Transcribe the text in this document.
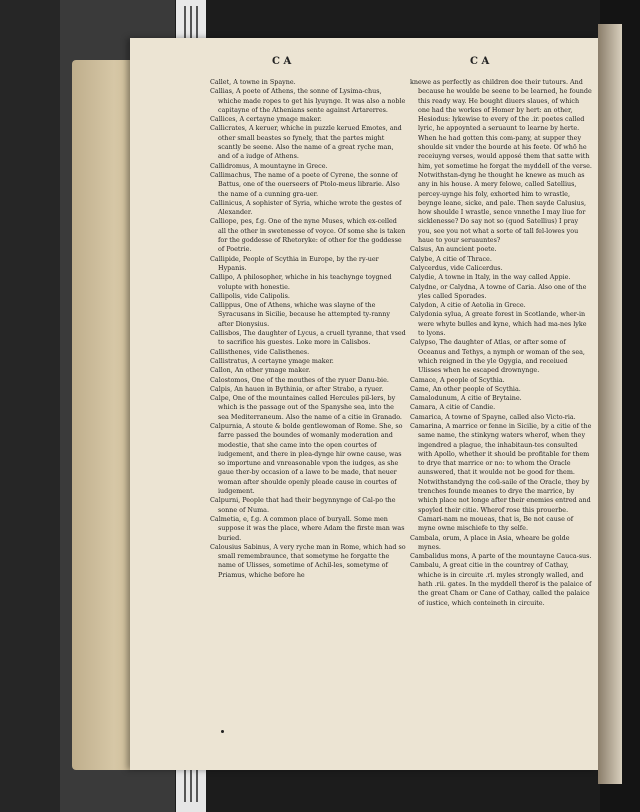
C A	C A

Callet, A towne in Spayne.

Callias, A poete of Athens, the sonne of Lysima-chus, whiche made ropes to get his lyuynge. It was also a noble capitayne of the Athenians sente against Artarerres.

Callices, A certayne ymage maker.

Callicrates, A keruer, whiche in puzzle kerued Emotes, and other small beastes so fynely, that the partes might scantly be seene. Also the name of a great ryche man, and of a iudge of Athens.

Callidromus, A mountayne in Grece.

Callimachus, The name of a poete of Cyrene, the sonne of Battus, one of the ouerseers of Ptolo-meus librarie. Also the name of a cunning gra-uer.

Callinicus, A sophister of Syria, whiche wrote the gestes of Alexander.

Calliope, pes, f.g. One of the nyne Muses, which ex-celled all the other in swetenesse of voyce. Of some she is taken for the goddesse of Rhetoryke: of other for the goddesse of Poetrie.

Callipide, People of Scythia in Europe, by the ry-uer Hypanis.

Callipo, A philosopher, whiche in his teachynge toygned volupte with honestie.

Callipolis, vide Calipolis.

Callippus, One of Athens, whiche was slayne of the Syracusans in Sicilie, because he attempted ty-ranny after Dionysius.

Callisbos, The daughter of Lycus, a cruell tyranne, that vsed to sacrifice his guestes. Loke more in Calisbos.

Callisthenes, vide Calisthenes.

Callistratus, A certayne ymage maker.

Callon, An other ymage maker.

Calostomos, One of the mouthes of the ryuer Danu-bie.

Calpis, An hauen in Bythinia, or after Strabo, a ryuer.

Calpe, One of the mountaines called Hercules pil-lers, by which is the passage out of the Spanyshe sea, into the sea Mediterraneum. Also the name of a citie in Granado.

Calpurnia, A stoute & bolde gentlewoman of Rome. She, so farre passed the boundes of womanly moderation and modestie, that she came into the open courtes of iudgement, and there in plea-dynge hir owne cause, was so importune and vnreasonable vpon the iudges, as she gaue ther-by occasion of a lawe to be made, that neuer woman after shoulde openly pleade cause in courtes of iudgement.

Calpurni, People that had their begynnynge of Cal-po the sonne of Numa.

Calmetia, e, f.g. A common place of buryall. Some men suppose it was the place, where Adam the firste man was buried.

Calousius Sabinus, A very ryche man in Rome, which had so small remembraunce, that sometyme he forgatte the name of Ulisses, sometime of Achil-les, sometyme of Priamus, whiche before he

knewe as perfectly as children doe their tutours. And because he woulde be seene to be learned, he founde this ready way. He bought diuers slaues, of which one had the workes of Homer by hert: an other, Hesiodus: lykewise to every of the .ir. poetes called lyric, he appoynted a seruaunt to learne by herte. When he had gotten this com-pany, at supper they shoulde sit vnder the bourde at his feete. Of whō he receiuyng verses, would apposé them that satte with him, yet sometime he forgat the myddell of the verse. Notwithstan-dyng he thought he knewe as much as any in his house. A mery felowe, called Satellius, percey-uynge his foly, exhorted him to wrastle, beynge leane, sicke, and pale. Then sayde Calusius, how shoulde I wrastle, sence vnnethe I may liue for sicklenesse? Do say not so (quod Satellius) I pray you, see you not what a sorte of tall fel-lowes you haue to your seruauntes?

Calsus, An auncient poete.

Calybe, A citie of Thrace.

Calycerdus, vide Calicerdus.

Calydie, A towne in Italy, in the way called Appie.

Calydne, or Calydna, A towne of Caria. Also one of the yles called Sporades.

Calydon, A citie of Aetolia in Grece.

Calydonia sylua, A greate forest in Scotlande, wher-in were whyte bulles and kyne, which had ma-nes lyke to lyons.

Calypso, The daughter of Atlas, or after some of Oceanus and Tethys, a nymph or woman of the sea, which reigned in the yle Ogygia, and receiued Ulisses when he escaped drownynge.

Camace, A people of Scythia.

Came, An other people of Scythia.

Camalodunum, A citie of Brytaine.

Camara, A citie of Candie.

Camarica, A towne of Spayne, called also Victo-ria.

Camarina, A marrice or fenne in Sicilie, by a citie of the same name, the stinkyng waters wherof, when they ingendred a plague, the inhabitaun-tes consulted with Apollo, whether it should be profitable for them to drye that marrice or no: to whom the Oracle aunswered, that it woulde not be good for them. Notwithstandyng the coū-saile of the Oracle, they by trenches founde meanes to drye the marrice, by which place not longe after their enemies entred and spoyled their citie. Wherof rose this prouerbe. Camari-nam ne moueas, that is, Be not cause of myne owne mischiefe to thy selfe.

Cambala, orum, A place in Asia, wheare be golde mynes.

Cambalidus mons, A parte of the mountayne Cauca-sus.

Cambalu, A great citie in the countrey of Cathay, whiche is in circuite .rl. myles strongly walled, and hath .rii. gates. In the myddell therof is the palaice of the great Cham or Cane of Cathay, called the palaice of iustice, which conteineth in circuite.
